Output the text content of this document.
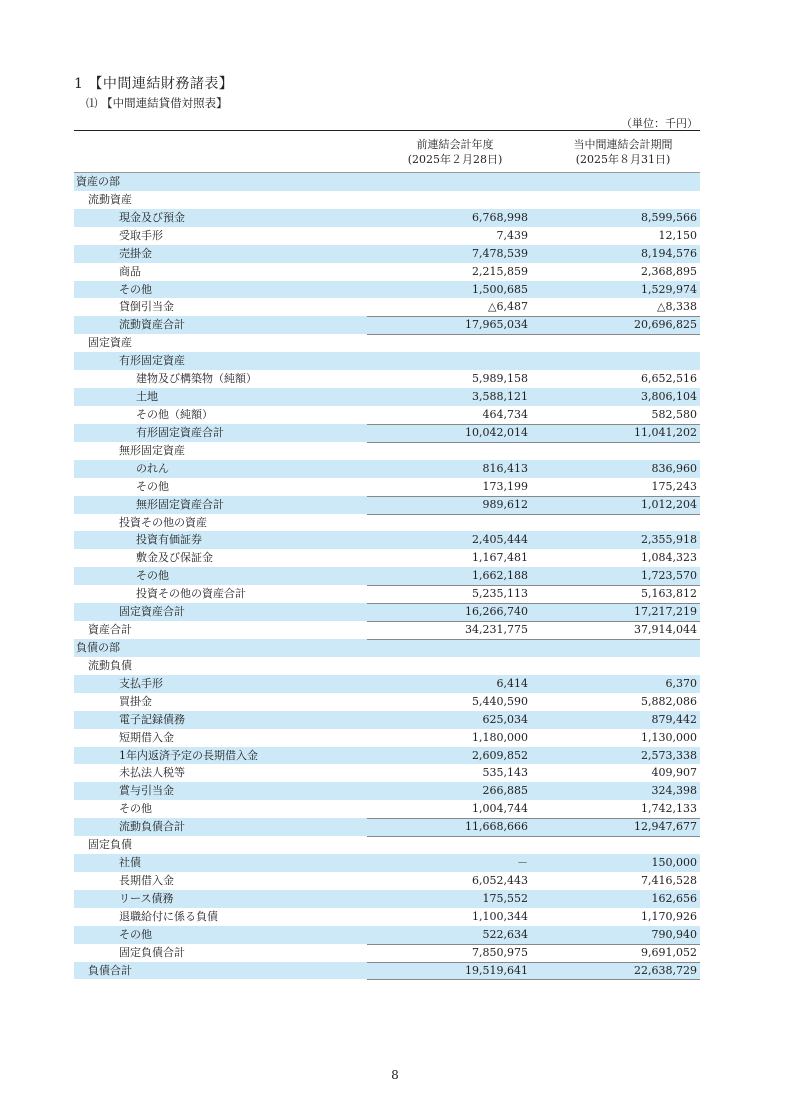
1 【中間連結財務諸表】
⑴ 【中間連結貸借対照表】
（単位：千円）
前連結会計年度
(2025年２月28日)
当中間連結会計期間
(2025年８月31日)
資産の部
流動資産
現金及び預金	6,768,998	8,599,566
受取手形	7,439	12,150
売掛金	7,478,539	8,194,576
商品	2,215,859	2,368,895
その他	1,500,685	1,529,974
貸倒引当金	△6,487	△8,338
流動資産合計	17,965,034	20,696,825
固定資産
有形固定資産
建物及び構築物（純額）	5,989,158	6,652,516
土地	3,588,121	3,806,104
その他（純額）	464,734	582,580
有形固定資産合計	10,042,014	11,041,202
無形固定資産
のれん	816,413	836,960
その他	173,199	175,243
無形固定資産合計	989,612	1,012,204
投資その他の資産
投資有価証券	2,405,444	2,355,918
敷金及び保証金	1,167,481	1,084,323
その他	1,662,188	1,723,570
投資その他の資産合計	5,235,113	5,163,812
固定資産合計	16,266,740	17,217,219
資産合計	34,231,775	37,914,044
負債の部
流動負債
支払手形	6,414	6,370
買掛金	5,440,590	5,882,086
電子記録債務	625,034	879,442
短期借入金	1,180,000	1,130,000
1年内返済予定の長期借入金	2,609,852	2,573,338
未払法人税等	535,143	409,907
賞与引当金	266,885	324,398
その他	1,004,744	1,742,133
流動負債合計	11,668,666	12,947,677
固定負債
社債	－	150,000
長期借入金	6,052,443	7,416,528
リース債務	175,552	162,656
退職給付に係る負債	1,100,344	1,170,926
その他	522,634	790,940
固定負債合計	7,850,975	9,691,052
負債合計	19,519,641	22,638,729
8
